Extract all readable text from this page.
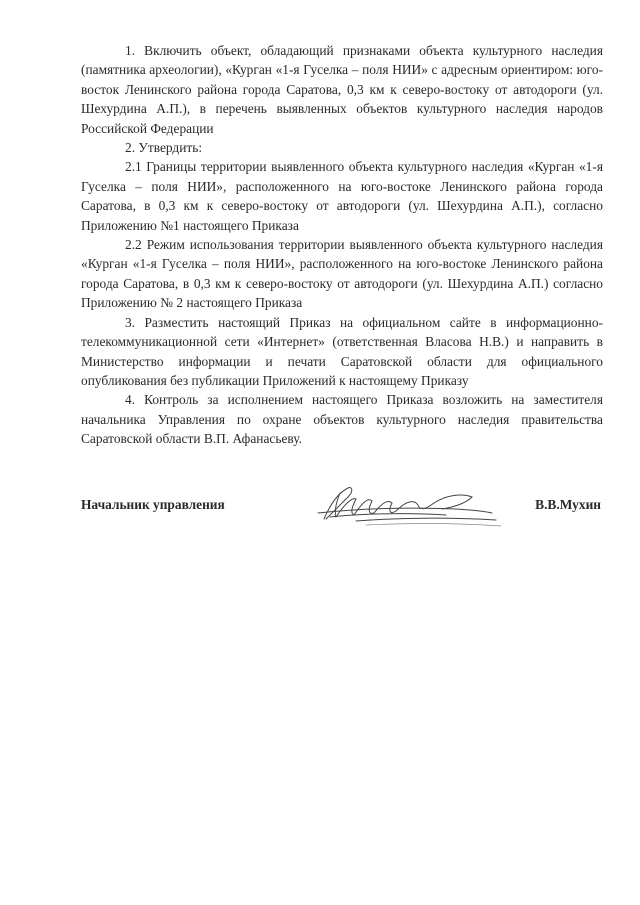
1. Включить объект, обладающий признаками объекта культурного наследия (памятника археологии), «Курган «1-я Гуселка – поля НИИ» с адресным ориентиром: юго-восток Ленинского района города Саратова, 0,3 км к северо-востоку от автодороги (ул. Шехурдина А.П.), в перечень выявленных объектов культурного наследия народов Российской Федерации

2. Утвердить:

2.1 Границы территории выявленного объекта культурного наследия «Курган «1-я Гуселка – поля НИИ», расположенного на юго-востоке Ленинского района города Саратова, в 0,3 км к северо-востоку от автодороги (ул. Шехурдина А.П.), согласно Приложению №1 настоящего Приказа

2.2 Режим использования территории выявленного объекта культурного наследия «Курган «1-я Гуселка – поля НИИ», расположенного на юго-востоке Ленинского района города Саратова, в 0,3 км к северо-востоку от автодороги (ул. Шехурдина А.П.) согласно Приложению № 2 настоящего Приказа

3. Разместить настоящий Приказ на официальном сайте в информационно-телекоммуникационной сети «Интернет» (ответственная Власова Н.В.) и направить в Министерство информации и печати Саратовской области для официального опубликования без публикации Приложений к настоящему Приказу

4. Контроль за исполнением настоящего Приказа возложить на заместителя начальника Управления по охране объектов культурного наследия правительства Саратовской области В.П. Афанасьеву.

Начальник управления	В.В.Мухин
